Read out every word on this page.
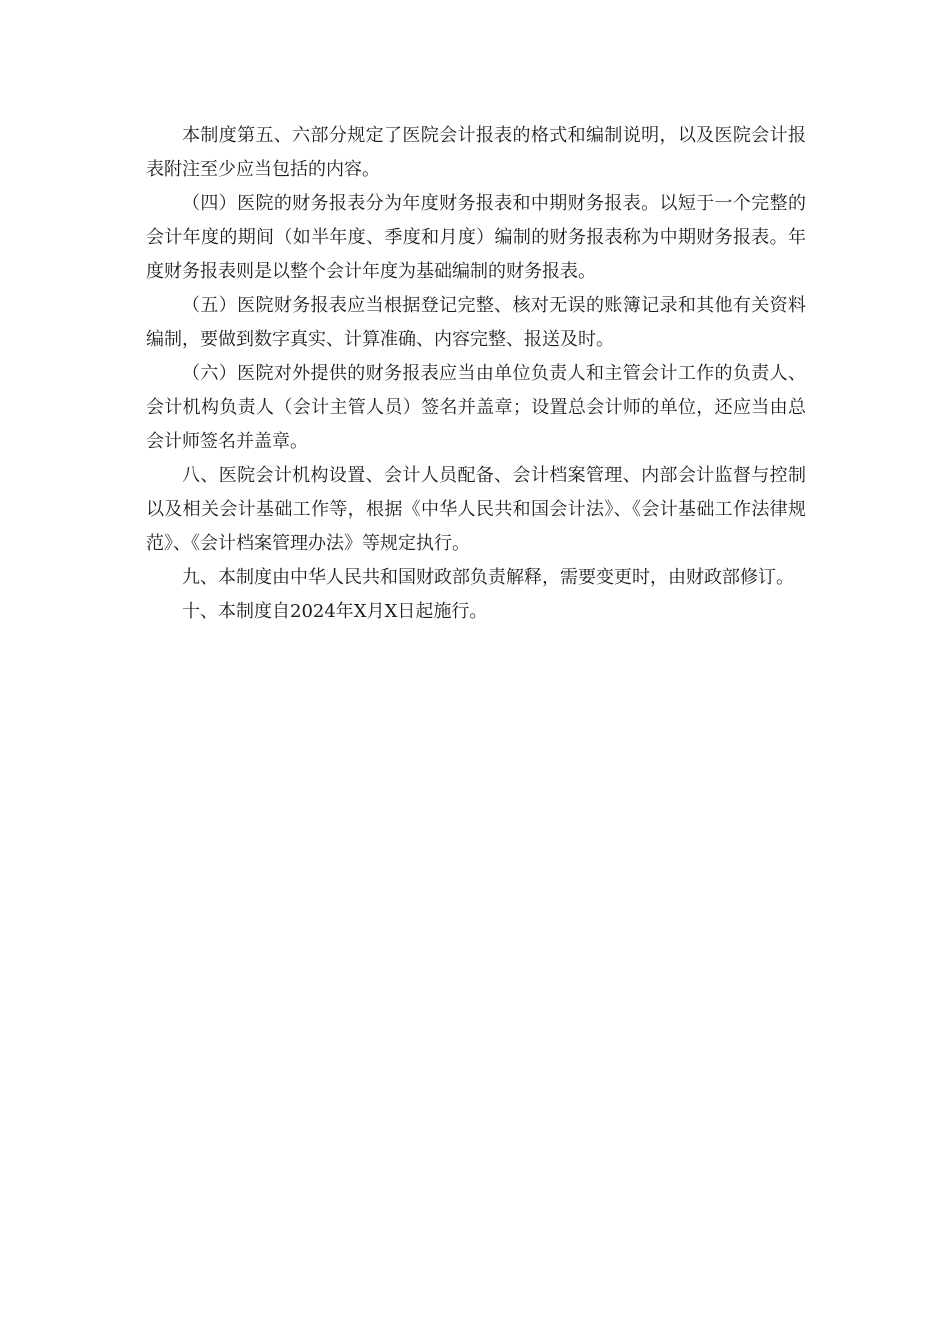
本制度第五、六部分规定了医院会计报表的格式和编制说明，以及医院会计报表附注至少应当包括的内容。

（四）医院的财务报表分为年度财务报表和中期财务报表。以短于一个完整的会计年度的期间（如半年度、季度和月度）编制的财务报表称为中期财务报表。年度财务报表则是以整个会计年度为基础编制的财务报表。

（五）医院财务报表应当根据登记完整、核对无误的账簿记录和其他有关资料编制，要做到数字真实、计算准确、内容完整、报送及时。

（六）医院对外提供的财务报表应当由单位负责人和主管会计工作的负责人、会计机构负责人（会计主管人员）签名并盖章；设置总会计师的单位，还应当由总会计师签名并盖章。

八、医院会计机构设置、会计人员配备、会计档案管理、内部会计监督与控制以及相关会计基础工作等，根据《中华人民共和国会计法》、《会计基础工作法律规范》、《会计档案管理办法》等规定执行。

九、本制度由中华人民共和国财政部负责解释，需要变更时，由财政部修订。

十、本制度自2024年X月X日起施行。
